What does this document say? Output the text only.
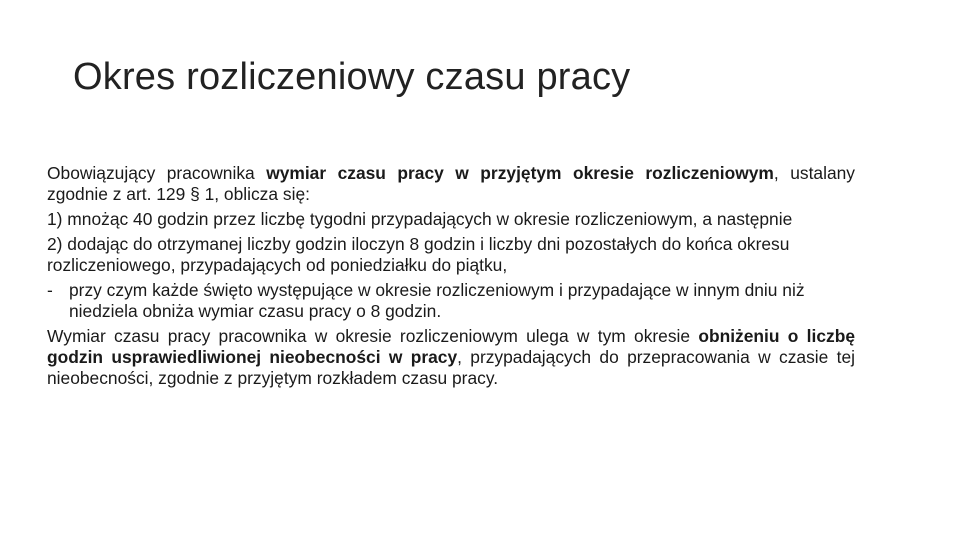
Okres rozliczeniowy czasu pracy

Obowiązujący pracownika wymiar czasu pracy w przyjętym okresie rozliczeniowym, ustalany zgodnie z art. 129 § 1, oblicza się:

1) mnożąc 40 godzin przez liczbę tygodni przypadających w okresie rozliczeniowym, a następnie

2) dodając do otrzymanej liczby godzin iloczyn 8 godzin i liczby dni pozostałych do końca okresu rozliczeniowego, przypadających od poniedziałku do piątku,

- przy czym każde święto występujące w okresie rozliczeniowym i przypadające w innym dniu niż niedziela obniża wymiar czasu pracy o 8 godzin.

Wymiar czasu pracy pracownika w okresie rozliczeniowym ulega w tym okresie obniżeniu o liczbę godzin usprawiedliwionej nieobecności w pracy, przypadających do przepracowania w czasie tej nieobecności, zgodnie z przyjętym rozkładem czasu pracy.
